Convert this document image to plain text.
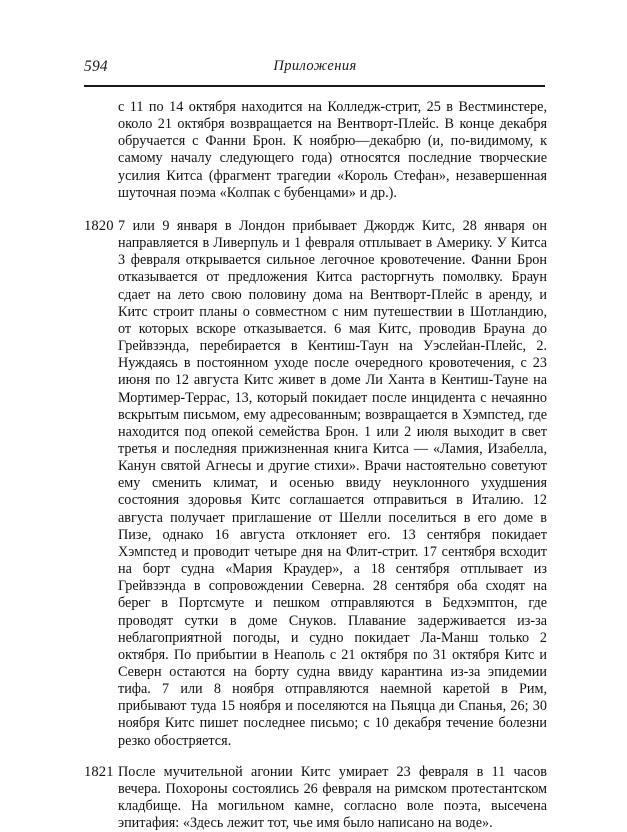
594	Приложения
с 11 по 14 октября находится на Колледж-стрит, 25 в Вестминстере, около 21 октября возвращается на Вентворт-Плейс. В конце декабря обручается с Фанни Брон. К ноябрю—декабрю (и, по-видимому, к самому началу следующего года) относятся последние творческие усилия Китса (фрагмент трагедии «Король Стефан», незавершенная шуточная поэма «Колпак с бубенцами» и др.).
1820 7 или 9 января в Лондон прибывает Джордж Китс, 28 января он направляется в Ливерпуль и 1 февраля отплывает в Америку. У Китса 3 февраля открывается сильное легочное кровотечение. Фанни Брон отказывается от предложения Китса расторгнуть помолвку. Браун сдает на лето свою половину дома на Вентворт-Плейс в аренду, и Китс строит планы о совместном с ним путешествии в Шотландию, от которых вскоре отказывается. 6 мая Китс, проводив Брауна до Грейвзэнда, перебирается в Кентиш-Таун на Уэслейан-Плейс, 2. Нуждаясь в постоянном уходе после очередного кровотечения, с 23 июня по 12 августа Китс живет в доме Ли Ханта в Кентиш-Тауне на Мортимер-Террас, 13, который покидает после инцидента с нечаянно вскрытым письмом, ему адресованным; возвращается в Хэмпстед, где находится под опекой семейства Брон. 1 или 2 июля выходит в свет третья и последняя прижизненная книга Китса — «Ламия, Изабелла, Канун святой Агнесы и другие стихи». Врачи настоятельно советуют ему сменить климат, и осенью ввиду неуклонного ухудшения состояния здоровья Китс соглашается отправиться в Италию. 12 августа получает приглашение от Шелли поселиться в его доме в Пизе, однако 16 августа отклоняет его. 13 сентября покидает Хэмпстед и проводит четыре дня на Флит-стрит. 17 сентября всходит на борт судна «Мария Краудер», а 18 сентября отплывает из Грейвзэнда в сопровождении Северна. 28 сентября оба сходят на берег в Портсмуте и пешком отправляются в Бедхэмптон, где проводят сутки в доме Снуков. Плавание задерживается из-за неблагоприятной погоды, и судно покидает Ла-Манш только 2 октября. По прибытии в Неаполь с 21 октября по 31 октября Китс и Северн остаются на борту судна ввиду карантина из-за эпидемии тифа. 7 или 8 ноября отправляются наемной каретой в Рим, прибывают туда 15 ноября и поселяются на Пьяцца ди Спанья, 26; 30 ноября Китс пишет последнее письмо; с 10 декабря течение болезни резко обостряется.
1821 После мучительной агонии Китс умирает 23 февраля в 11 часов вечера. Похороны состоялись 26 февраля на римском протестантском кладбище. На могильном камне, согласно воле поэта, высечена эпитафия: «Здесь лежит тот, чье имя было написано на воде».
